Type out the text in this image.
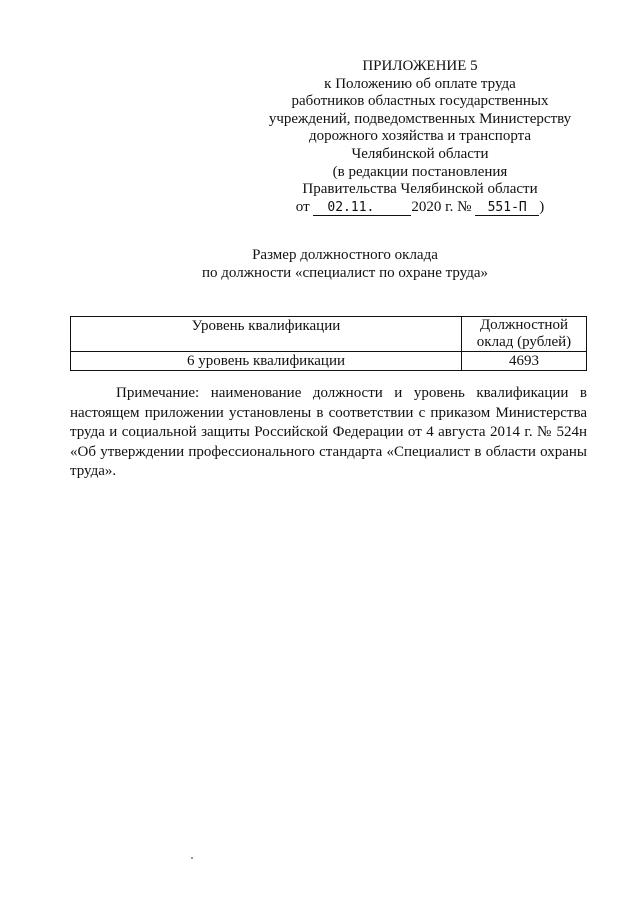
ПРИЛОЖЕНИЕ 5
к Положению об оплате труда
работников областных государственных
учреждений, подведомственных Министерству
дорожного хозяйства и транспорта
Челябинской области
(в редакции постановления
Правительства Челябинской области
от 02.11. 2020 г. № 551-П )
Размер должностного оклада
по должности «специалист по охране труда»
Уровень квалификации	Должностной оклад (рублей)
6 уровень квалификации	4693
Примечание: наименование должности и уровень квалификации в настоящем приложении установлены в соответствии с приказом Министерства труда и социальной защиты Российской Федерации от 4 августа 2014 г. № 524н «Об утверждении профессионального стандарта «Специалист в области охраны труда».
